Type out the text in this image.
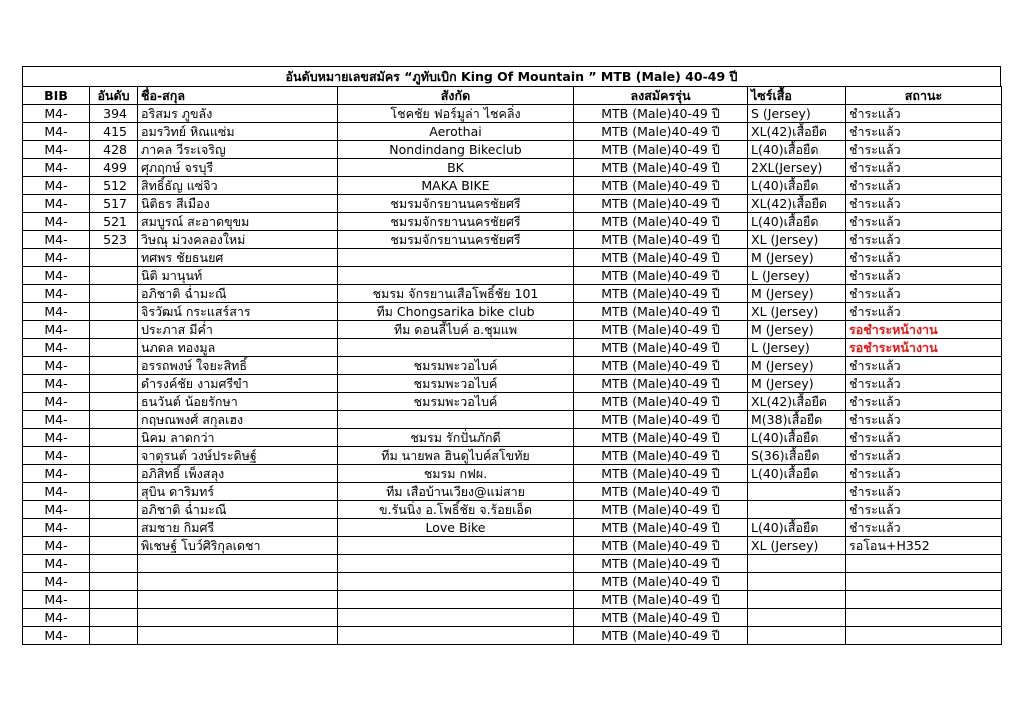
อันดับหมายเลขสมัคร “ภูทับเบิก King Of Mountain ” MTB (Male) 40-49 ปี
BIB	อันดับ	ชื่อ-สกุล	สังกัด	ลงสมัครรุ่น	ไซร์เสื้อ	สถานะ
M4-	394	อริสมร ภูขลัง	โชคชัย ฟอร์มูล่า ไชคลิ่ง	MTB (Male)40-49 ปี	S (Jersey)	ชำระแล้ว
M4-	415	อมรวิทย์ หิณแซ่ม	Aerothai	MTB (Male)40-49 ปี	XL(42)เสื้อยืด	ชำระแล้ว
M4-	428	ภาคล วีระเจริญ	Nondindang Bikeclub	MTB (Male)40-49 ปี	L(40)เสื้อยืด	ชำระแล้ว
M4-	499	ศุภฤกษ์ จรบุรี	BK	MTB (Male)40-49 ปี	2XL(Jersey)	ชำระแล้ว
M4-	512	สิทธิ์ธัญ แซ่จิว	MAKA BIKE	MTB (Male)40-49 ปี	L(40)เสื้อยืด	ชำระแล้ว
M4-	517	นิติธร สีเมือง	ชมรมจักรยานนครชัยศรี	MTB (Male)40-49 ปี	XL(42)เสื้อยืด	ชำระแล้ว
M4-	521	สมบูรณ์ สะอาดขุขม	ชมรมจักรยานนครชัยศรี	MTB (Male)40-49 ปี	L(40)เสื้อยืด	ชำระแล้ว
M4-	523	วิษณุ ม่วงคลองใหม่	ชมรมจักรยานนครชัยศรี	MTB (Male)40-49 ปี	XL (Jersey)	ชำระแล้ว
M4-		ทศพร ชัยธนยศ		MTB (Male)40-49 ปี	M (Jersey)	ชำระแล้ว
M4-		นิติ มานุนท์		MTB (Male)40-49 ปี	L (Jersey)	ชำระแล้ว
M4-		อภิชาติ ฉ่ำมะณี	ชมรม จักรยานเสือโพธิ์ชัย 101	MTB (Male)40-49 ปี	M (Jersey)	ชำระแล้ว
M4-		จิรวัฒน์ กระแสร์สาร	ทีม Chongsarika bike club	MTB (Male)40-49 ปี	XL (Jersey)	ชำระแล้ว
M4-		ประภาส มีค่ำ	ทีม ดอนลี้ไบค์ อ.ชุมแพ	MTB (Male)40-49 ปี	M (Jersey)	รอชำระหน้างาน
M4-		นภดล ทองมูล		MTB (Male)40-49 ปี	L (Jersey)	รอชำระหน้างาน
M4-		อรรถพงษ์ ใจยะสิทธิ์	ชมรมพะวอไบค์	MTB (Male)40-49 ปี	M (Jersey)	ชำระแล้ว
M4-		ดำรงค์ชัย งามศรีขำ	ชมรมพะวอไบค์	MTB (Male)40-49 ปี	M (Jersey)	ชำระแล้ว
M4-		ธนวันต์ น้อยรักษา	ชมรมพะวอไบค์	MTB (Male)40-49 ปี	XL(42)เสื้อยืด	ชำระแล้ว
M4-		กฤษณพงศ์ สกุลเฮง		MTB (Male)40-49 ปี	M(38)เสื้อยืด	ชำระแล้ว
M4-		นิคม ลาดกว่า	ชมรม รักปั่นภักดี	MTB (Male)40-49 ปี	L(40)เสื้อยืด	ชำระแล้ว
M4-		จาตุรนต์ วงษ์ประดิษฐ์	ทีม นายพล ฮินดูไบค์สโขทัย	MTB (Male)40-49 ปี	S(36)เสื้อยืด	ชำระแล้ว
M4-		อภิสิทธิ์ เพ็งสลุง	ชมรม กฟผ.	MTB (Male)40-49 ปี	L(40)เสื้อยืด	ชำระแล้ว
M4-		สุบิน ดาริมทร์	ทีม เสือบ้านเวียง@แม่สาย	MTB (Male)40-49 ปี		ชำระแล้ว
M4-		อภิชาติ ฉ่ำมะณี	ข.รันนิ่ง อ.โพธิ์ชัย จ.ร้อยเอ็ด	MTB (Male)40-49 ปี		ชำระแล้ว
M4-		สมชาย กิมศรี	Love Bike	MTB (Male)40-49 ปี	L(40)เสื้อยืด	ชำระแล้ว
M4-		พิเชษฐ์ โบว์ศิริกุลเดชา		MTB (Male)40-49 ปี	XL (Jersey)	รอโอน+H352
M4-				MTB (Male)40-49 ปี		
M4-				MTB (Male)40-49 ปี		
M4-				MTB (Male)40-49 ปี		
M4-				MTB (Male)40-49 ปี		
M4-				MTB (Male)40-49 ปี		
